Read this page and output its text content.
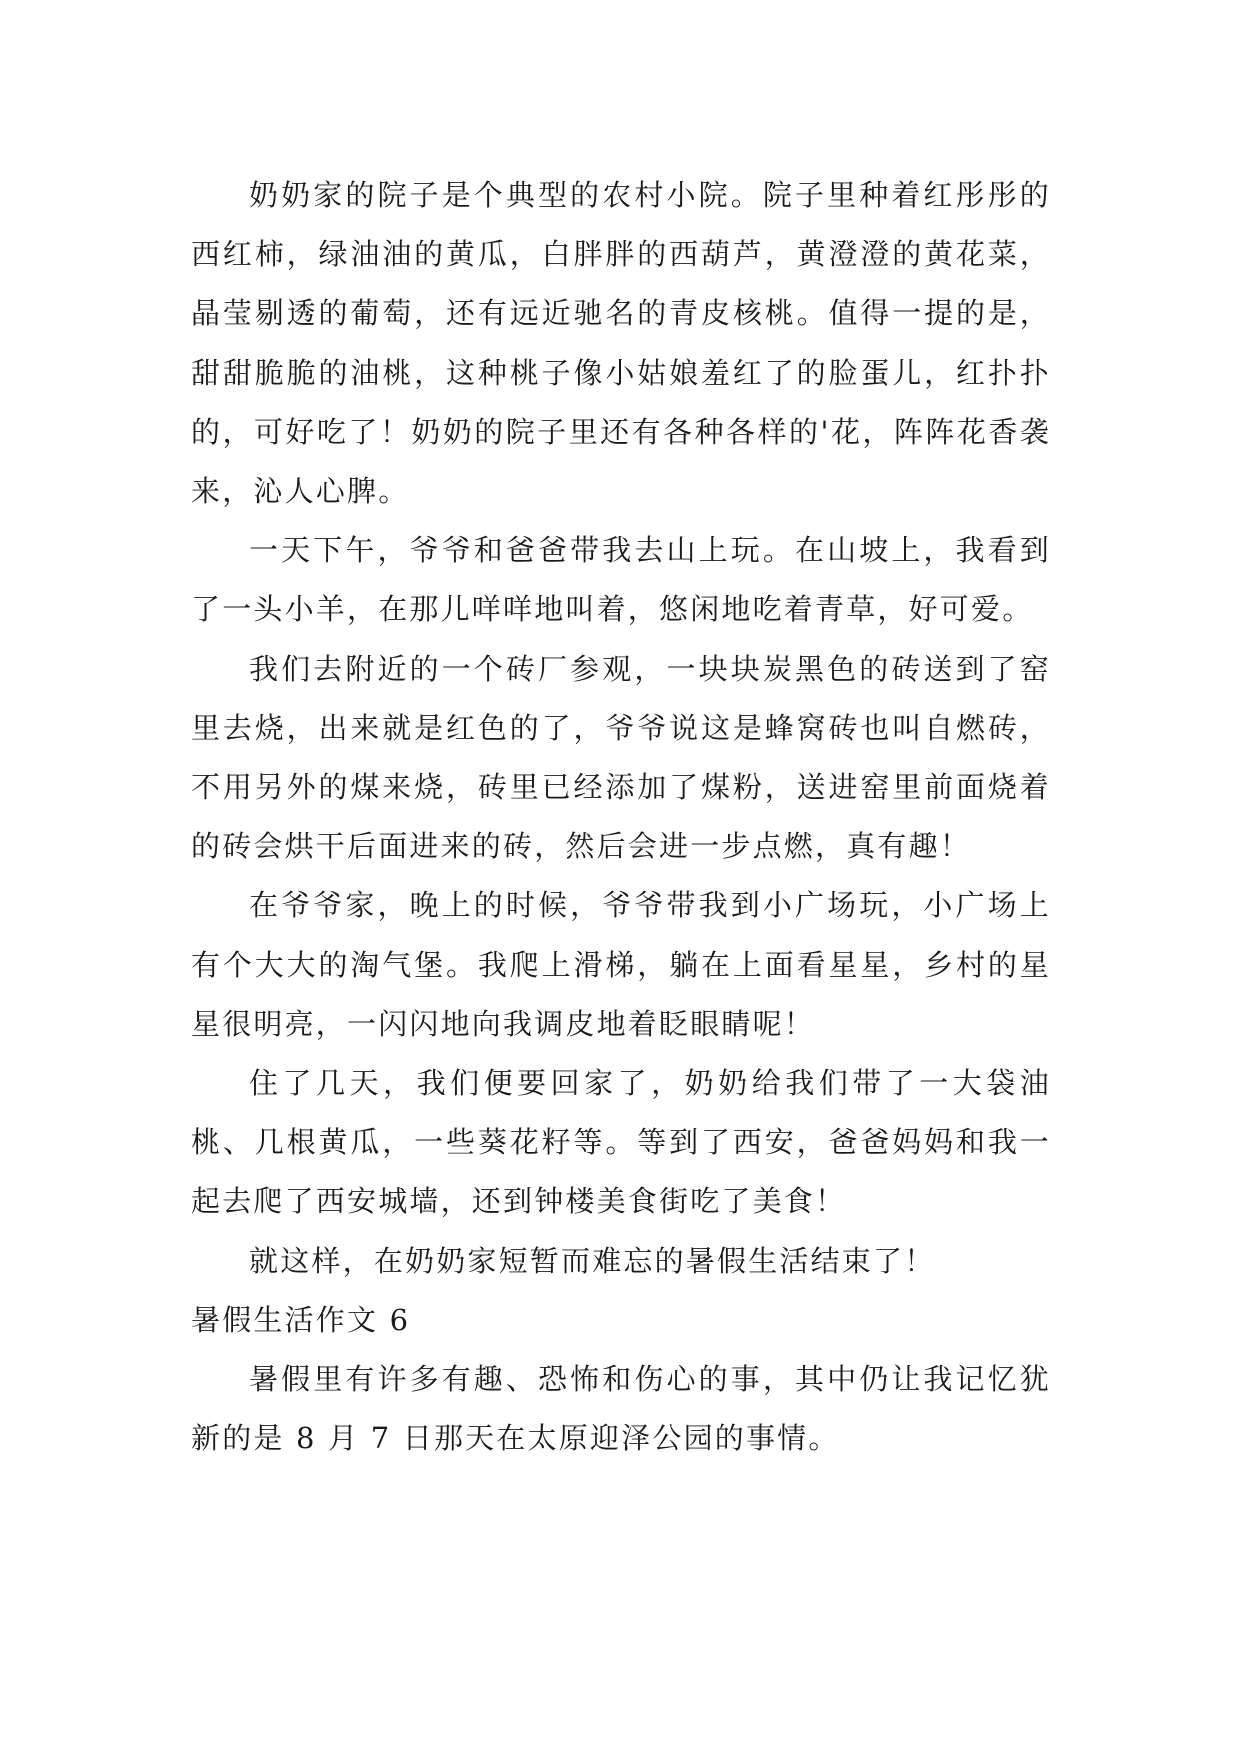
奶奶家的院子是个典型的农村小院。院子里种着红彤彤的西红柿，绿油油的黄瓜，白胖胖的西葫芦，黄澄澄的黄花菜，晶莹剔透的葡萄，还有远近驰名的青皮核桃。值得一提的是，甜甜脆脆的油桃，这种桃子像小姑娘羞红了的脸蛋儿，红扑扑的，可好吃了！奶奶的院子里还有各种各样的'花，阵阵花香袭来，沁人心脾。

一天下午，爷爷和爸爸带我去山上玩。在山坡上，我看到了一头小羊，在那儿咩咩地叫着，悠闲地吃着青草，好可爱。

我们去附近的一个砖厂参观，一块块炭黑色的砖送到了窑里去烧，出来就是红色的了，爷爷说这是蜂窝砖也叫自燃砖，不用另外的煤来烧，砖里已经添加了煤粉，送进窑里前面烧着的砖会烘干后面进来的砖，然后会进一步点燃，真有趣！

在爷爷家，晚上的时候，爷爷带我到小广场玩，小广场上有个大大的淘气堡。我爬上滑梯，躺在上面看星星，乡村的星星很明亮，一闪闪地向我调皮地着眨眼睛呢！

住了几天，我们便要回家了，奶奶给我们带了一大袋油桃、几根黄瓜，一些葵花籽等。等到了西安，爸爸妈妈和我一起去爬了西安城墙，还到钟楼美食街吃了美食！

就这样，在奶奶家短暂而难忘的暑假生活结束了！

暑假生活作文 6

暑假里有许多有趣、恐怖和伤心的事，其中仍让我记忆犹新的是 8 月 7 日那天在太原迎泽公园的事情。
